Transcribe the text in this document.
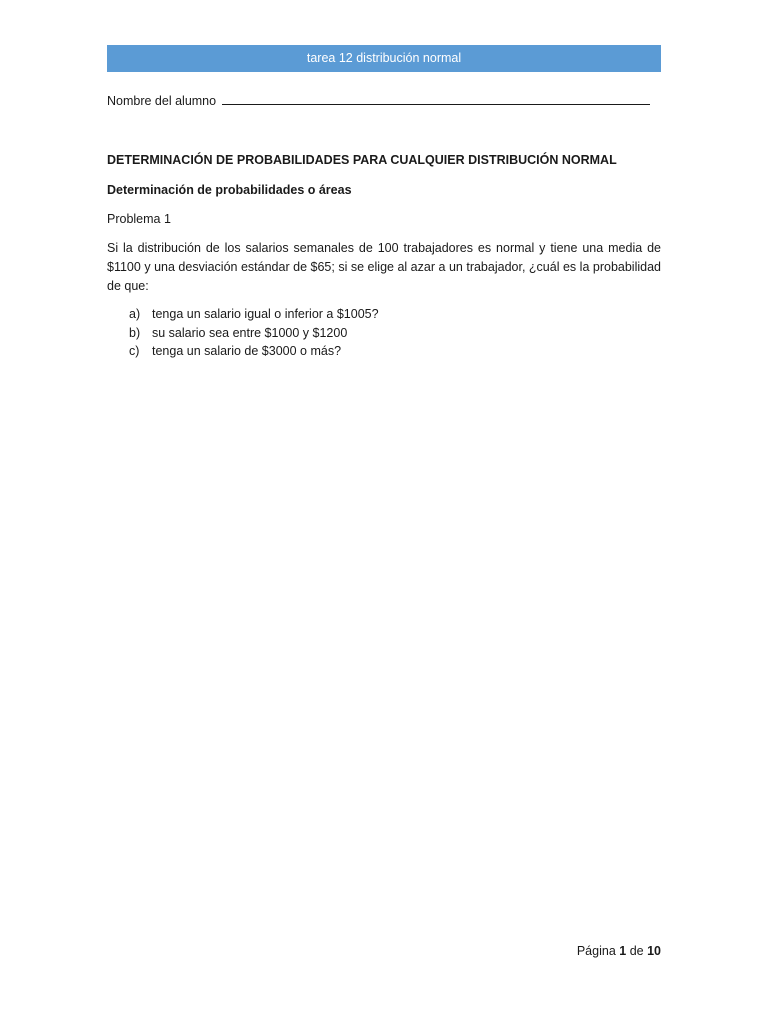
tarea 12 distribución normal
Nombre del alumno
DETERMINACIÓN DE PROBABILIDADES PARA CUALQUIER DISTRIBUCIÓN NORMAL
Determinación de probabilidades o áreas
Problema 1
Si la distribución de los salarios semanales de 100 trabajadores es normal y tiene una media de $1100 y una desviación estándar de $65; si se elige al azar a un trabajador, ¿cuál es la probabilidad de que:
a) tenga un salario igual o inferior a $1005?
b) su salario sea entre $1000 y $1200
c) tenga un salario de $3000 o más?
Página 1 de 10
